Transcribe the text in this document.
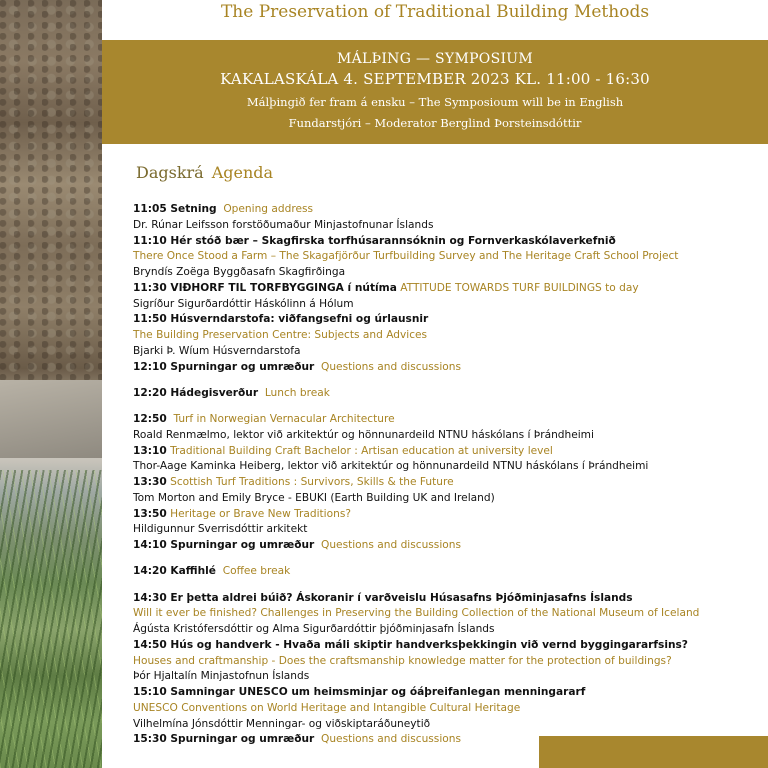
The Preservation of Traditional Building Methods
MÁLÞING — SYMPOSIUM
KAKALASKÁLA 4. SEPTEMBER 2023 KL. 11:00 - 16:30
Málþingið fer fram á ensku – The Symposioum will be in English
Fundarstjóri – Moderator Berglind Þorsteinsdóttir
Dagskrá Agenda
11:05 Setning Opening address
Dr. Rúnar Leifsson forstöðumaður Minjastofnunar Íslands
11:10 Hér stóð bær – Skagfirska torfhúsarannsóknin og Fornverkaskólaverkefnið
There Once Stood a Farm – The Skagafjörður Turfbuilding Survey and The Heritage Craft School Project
Bryndís Zoëga Byggðasafn Skagfirðinga
11:30 VIÐHORF TIL TORFBYGGINGA í nútíma ATTITUDE TOWARDS TURF BUILDINGS to day
Sigríður Sigurðardóttir Háskólinn á Hólum
11:50 Húsverndarstofa: viðfangsefni og úrlausnir
The Building Preservation Centre: Subjects and Advices
Bjarki Þ. Wíum Húsverndarstofa
12:10 Spurningar og umræður Questions and discussions
12:20 Hádegisverður Lunch break
12:50 Turf in Norwegian Vernacular Architecture
Roald Renmælmo, lektor við arkitektúr og hönnunardeild NTNU háskólans í Þrándheimi
13:10 Traditional Building Craft Bachelor : Artisan education at university level
Thor-Aage Kaminka Heiberg, lektor við arkitektúr og hönnunardeild NTNU háskólans í Þrándheimi
13:30 Scottish Turf Traditions : Survivors, Skills & the Future
Tom Morton and Emily Bryce - EBUKI (Earth Building UK and Ireland)
13:50 Heritage or Brave New Traditions?
Hildigunnur Sverrisdóttir arkitekt
14:10 Spurningar og umræður Questions and discussions
14:20 Kaffihlé Coffee break
14:30 Er þetta aldrei búið? Áskoranir í varðveislu Húsasafns Þjóðminjasafns Íslands
Will it ever be finished? Challenges in Preserving the Building Collection of the National Museum of Iceland
Ágústa Kristófersdóttir og Alma Sigurðardóttir þjóðminjasafn Íslands
14:50 Hús og handverk - Hvaða máli skiptir handverksþekkingin við vernd byggingararfsins?
Houses and craftmanship - Does the craftsmanship knowledge matter for the protection of buildings?
Þór Hjaltalín Minjastofnun Íslands
15:10 Samningar UNESCO um heimsminjar og óáþreifanlegan menningararf
UNESCO Conventions on World Heritage and Intangible Cultural Heritage
Vilhelmína Jónsdóttir Menningar- og viðskiptaráðuneytið
15:30 Spurningar og umræður Questions and discussions
